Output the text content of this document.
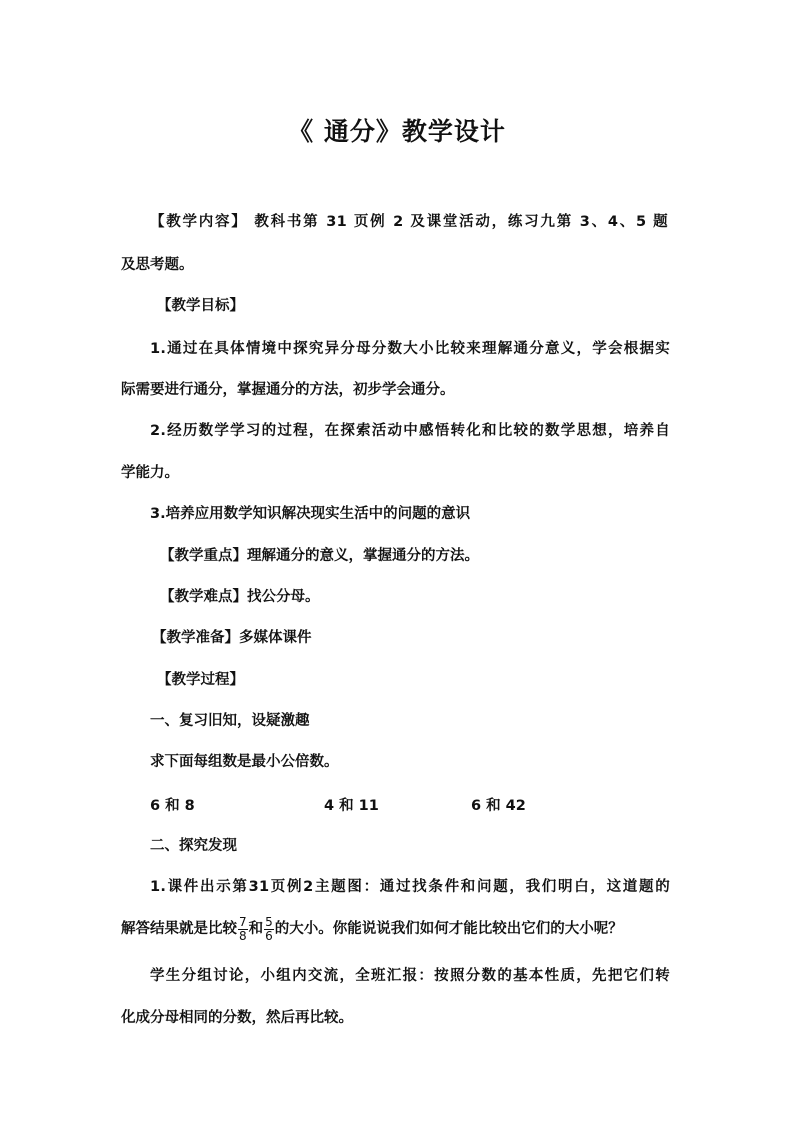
《 通分》教学设计
【教学内容】 教科书第 31 页例 2 及课堂活动，练习九第 3、4、5 题
及思考题。
【教学目标】
1.通过在具体情境中探究异分母分数大小比较来理解通分意义，学会根据实
际需要进行通分，掌握通分的方法，初步学会通分。
2.经历数学学习的过程，在探索活动中感悟转化和比较的数学思想，培养自
学能力。
3.培养应用数学知识解决现实生活中的问题的意识
【教学重点】理解通分的意义，掌握通分的方法。
【教学难点】找公分母。
【教学准备】多媒体课件
【教学过程】
一、复习旧知，设疑激趣
求下面每组数是最小公倍数。
6 和 8	4 和 11	6 和 42
二、探究发现
1.课件出示第31页例2主题图：通过找条件和问题，我们明白，这道题的
解答结果就是比较 $\frac{7}{8}$ 和 $\frac{5}{6}$ 的大小。你能说说我们如何才能比较出它们的大小呢？
学生分组讨论，小组内交流，全班汇报：按照分数的基本性质，先把它们转
化成分母相同的分数，然后再比较。
